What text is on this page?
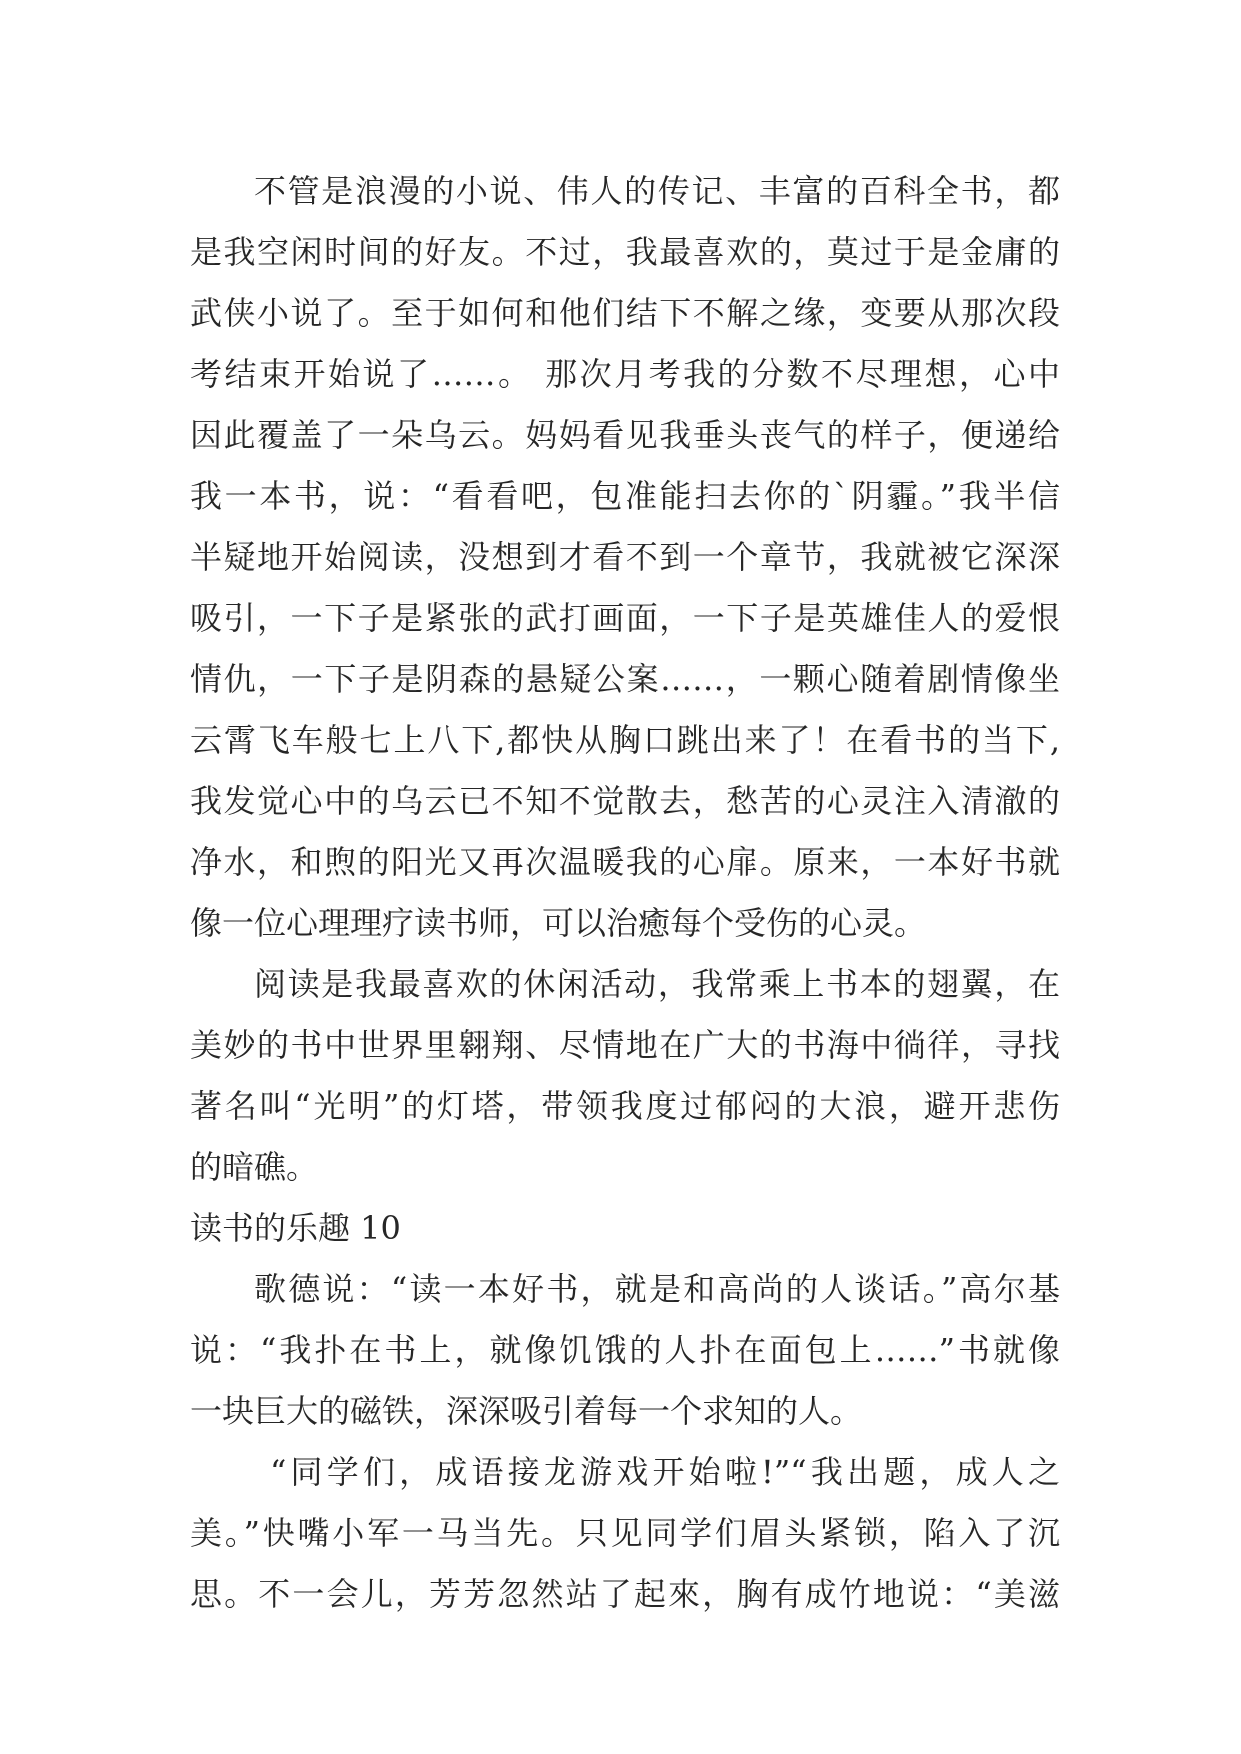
不管是浪漫的小说、伟人的传记、丰富的百科全书，都
是我空闲时间的好友。不过，我最喜欢的，莫过于是金庸的
武侠小说了。至于如何和他们结下不解之缘，变要从那次段
考结束开始说了……。 那次月考我的分数不尽理想，心中
因此覆盖了一朵乌云。妈妈看见我垂头丧气的样子，便递给
我一本书，说：“看看吧，包准能扫去你的`阴霾。”我半信
半疑地开始阅读，没想到才看不到一个章节，我就被它深深
吸引，一下子是紧张的武打画面，一下子是英雄佳人的爱恨
情仇，一下子是阴森的悬疑公案……，一颗心随着剧情像坐
云霄飞车般七上八下,都快从胸口跳出来了！在看书的当下,
我发觉心中的乌云已不知不觉散去，愁苦的心灵注入清澈的
净水，和煦的阳光又再次温暖我的心扉。原来，一本好书就
像一位心理理疗读书师，可以治癒每个受伤的心灵。
阅读是我最喜欢的休闲活动，我常乘上书本的翅翼，在
美妙的书中世界里翱翔、尽情地在广大的书海中徜徉，寻找
著名叫“光明”的灯塔，带领我度过郁闷的大浪，避开悲伤
的暗礁。
读书的乐趣 10
歌德说：“读一本好书，就是和高尚的人谈话。”高尔基
说：“我扑在书上，就像饥饿的人扑在面包上……”书就像
一块巨大的磁铁，深深吸引着每一个求知的人。
“同学们，成语接龙游戏开始啦!”“我出题，成人之
美。”快嘴小军一马当先。只见同学们眉头紧锁，陷入了沉
思。不一会儿，芳芳忽然站了起來，胸有成竹地说：“美滋
